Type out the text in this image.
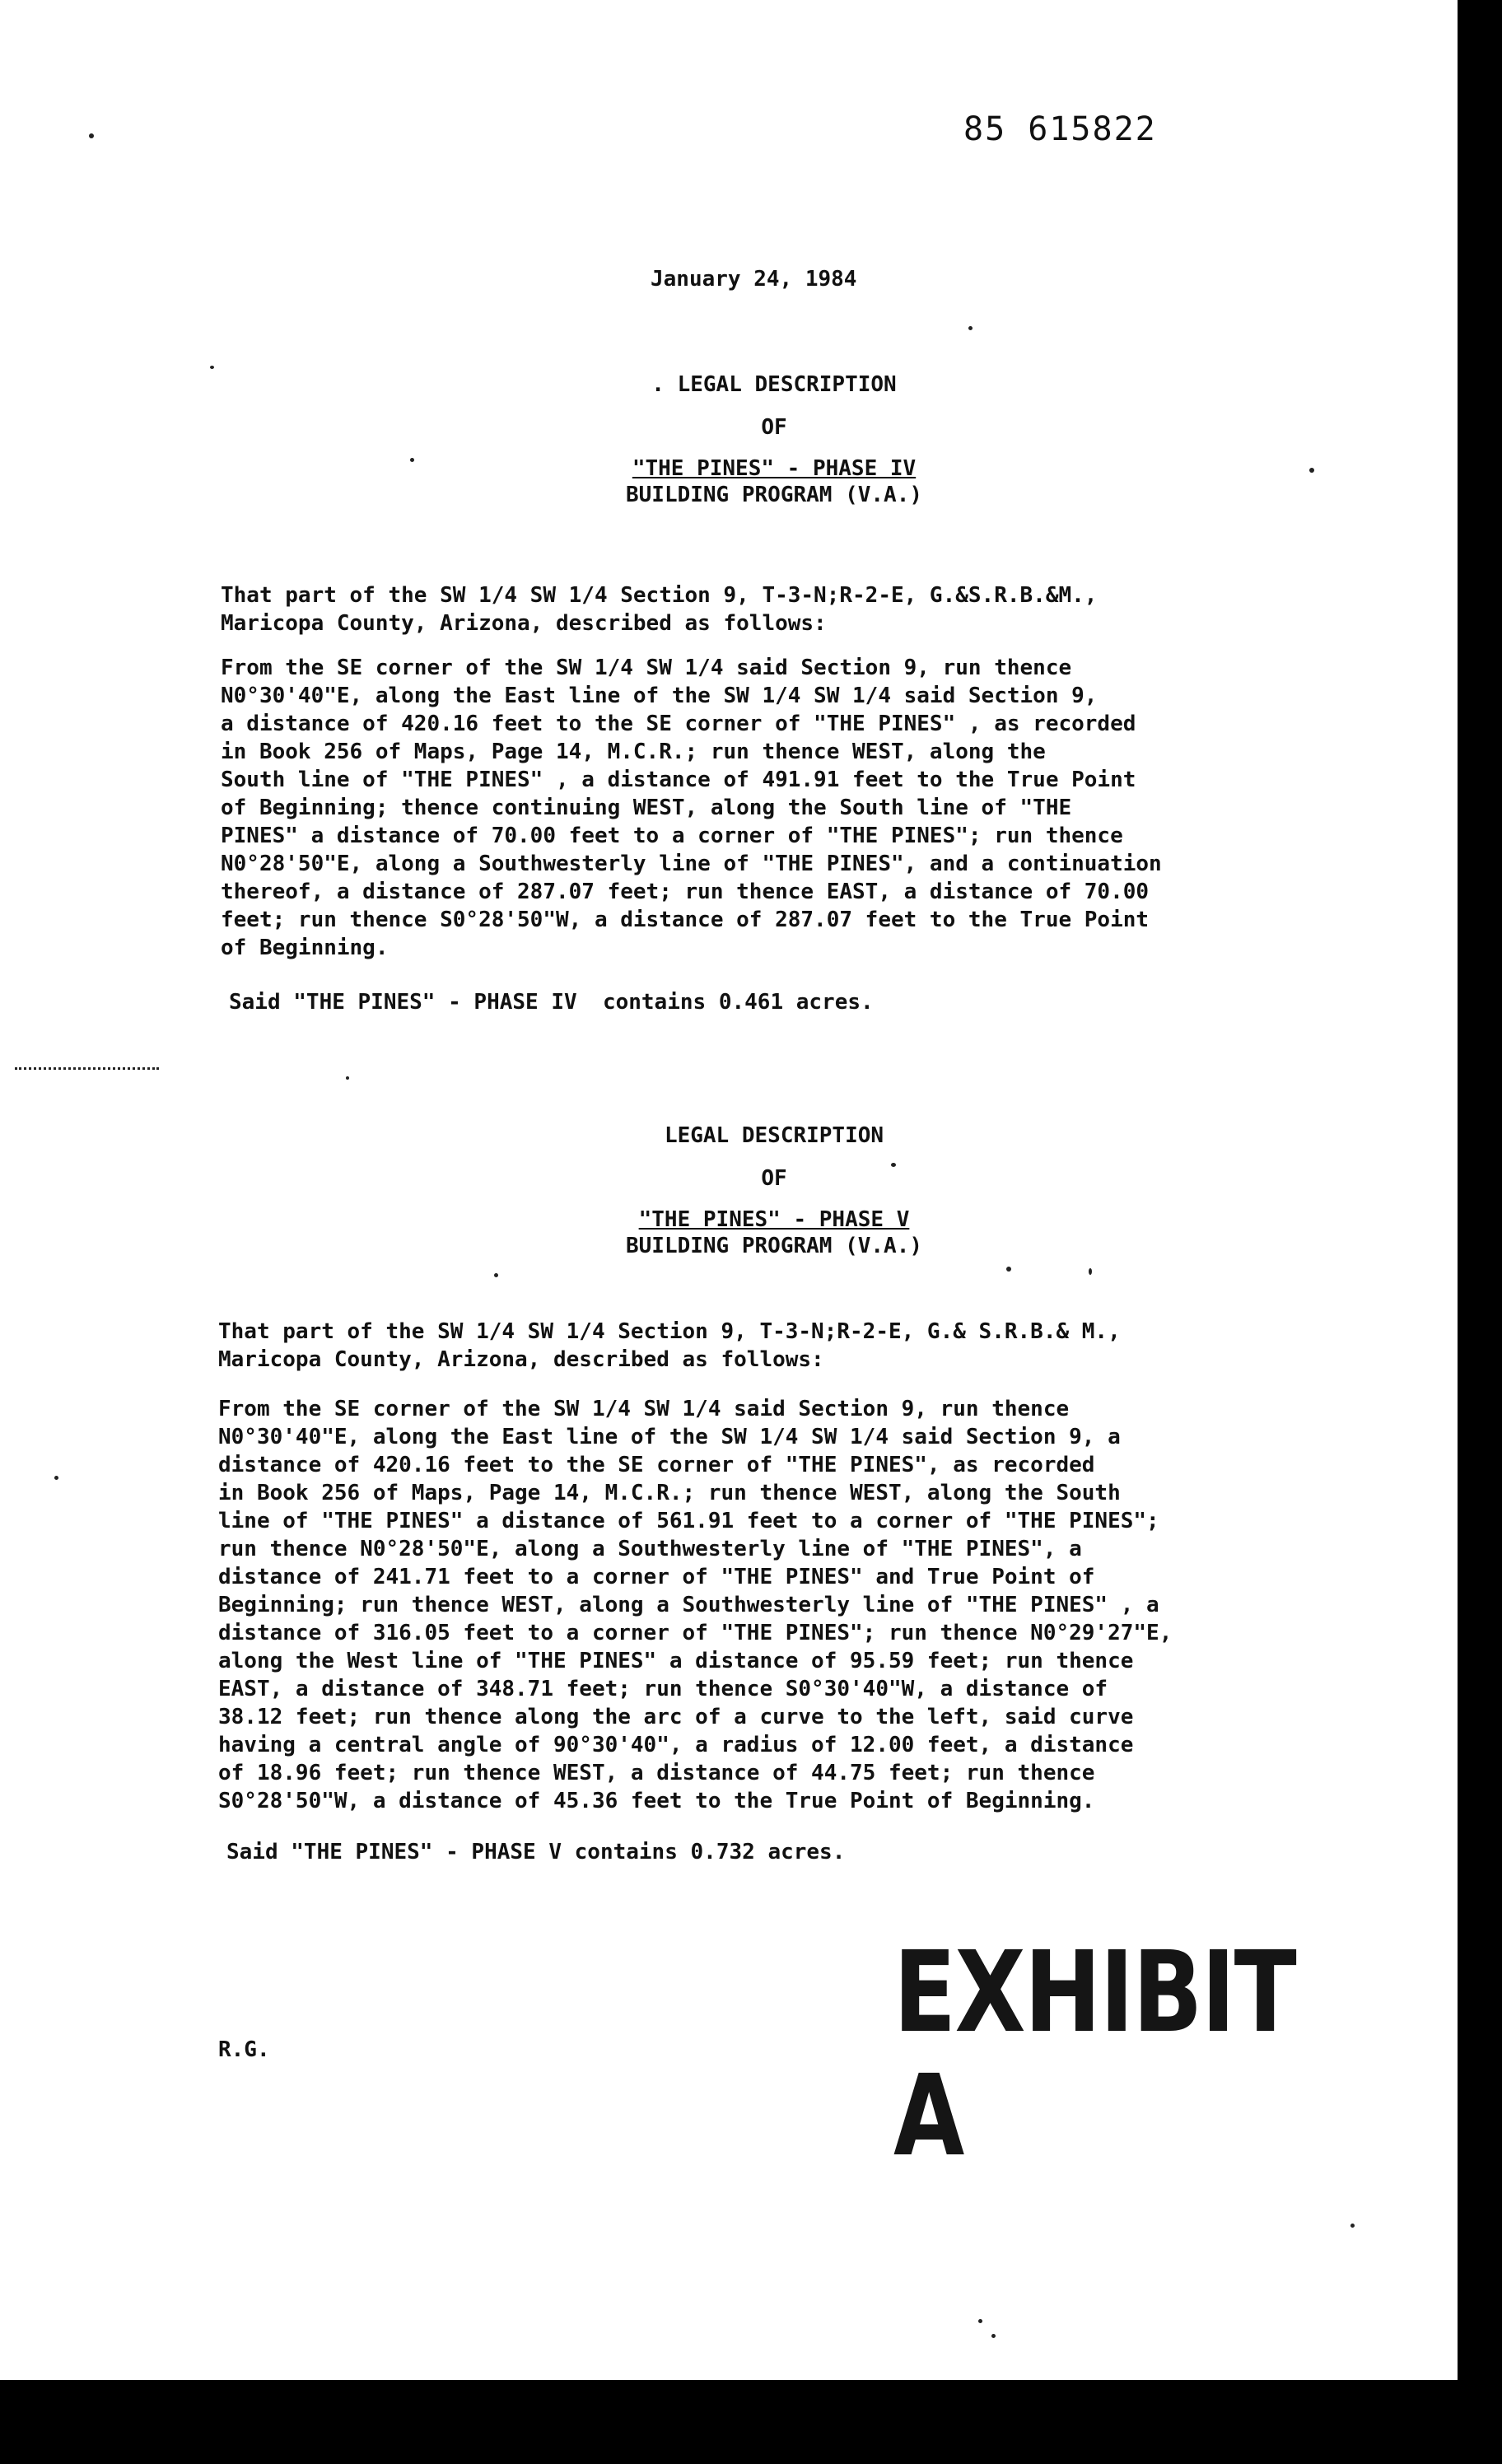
85 615822
January 24, 1984
. LEGAL DESCRIPTION
OF
"THE PINES" - PHASE IV
BUILDING PROGRAM (V.A.)
That part of the SW 1/4 SW 1/4 Section 9, T-3-N;R-2-E, G.&S.R.B.&M.,
Maricopa County, Arizona, described as follows:
From the SE corner of the SW 1/4 SW 1/4 said Section 9, run thence
N0°30'40"E, along the East line of the SW 1/4 SW 1/4 said Section 9,
a distance of 420.16 feet to the SE corner of "THE PINES" , as recorded
in Book 256 of Maps, Page 14, M.C.R.; run thence WEST, along the
South line of "THE PINES" , a distance of 491.91 feet to the True Point
of Beginning; thence continuing WEST, along the South line of "THE
PINES" a distance of 70.00 feet to a corner of "THE PINES"; run thence
N0°28'50"E, along a Southwesterly line of "THE PINES", and a continuation
thereof, a distance of 287.07 feet; run thence EAST, a distance of 70.00
feet; run thence S0°28'50"W, a distance of 287.07 feet to the True Point
of Beginning.
Said "THE PINES" - PHASE IV  contains 0.461 acres.
LEGAL DESCRIPTION
OF
"THE PINES" - PHASE V
BUILDING PROGRAM (V.A.)
That part of the SW 1/4 SW 1/4 Section 9, T-3-N;R-2-E, G.& S.R.B.& M.,
Maricopa County, Arizona, described as follows:
From the SE corner of the SW 1/4 SW 1/4 said Section 9, run thence
N0°30'40"E, along the East line of the SW 1/4 SW 1/4 said Section 9, a
distance of 420.16 feet to the SE corner of "THE PINES", as recorded
in Book 256 of Maps, Page 14, M.C.R.; run thence WEST, along the South
line of "THE PINES" a distance of 561.91 feet to a corner of "THE PINES";
run thence N0°28'50"E, along a Southwesterly line of "THE PINES", a
distance of 241.71 feet to a corner of "THE PINES" and True Point of
Beginning; run thence WEST, along a Southwesterly line of "THE PINES" , a
distance of 316.05 feet to a corner of "THE PINES"; run thence N0°29'27"E,
along the West line of "THE PINES" a distance of 95.59 feet; run thence
EAST, a distance of 348.71 feet; run thence S0°30'40"W, a distance of
38.12 feet; run thence along the arc of a curve to the left, said curve
having a central angle of 90°30'40", a radius of 12.00 feet, a distance
of 18.96 feet; run thence WEST, a distance of 44.75 feet; run thence
S0°28'50"W, a distance of 45.36 feet to the True Point of Beginning.
Said "THE PINES" - PHASE V contains 0.732 acres.
EXHIBIT A
R.G.
